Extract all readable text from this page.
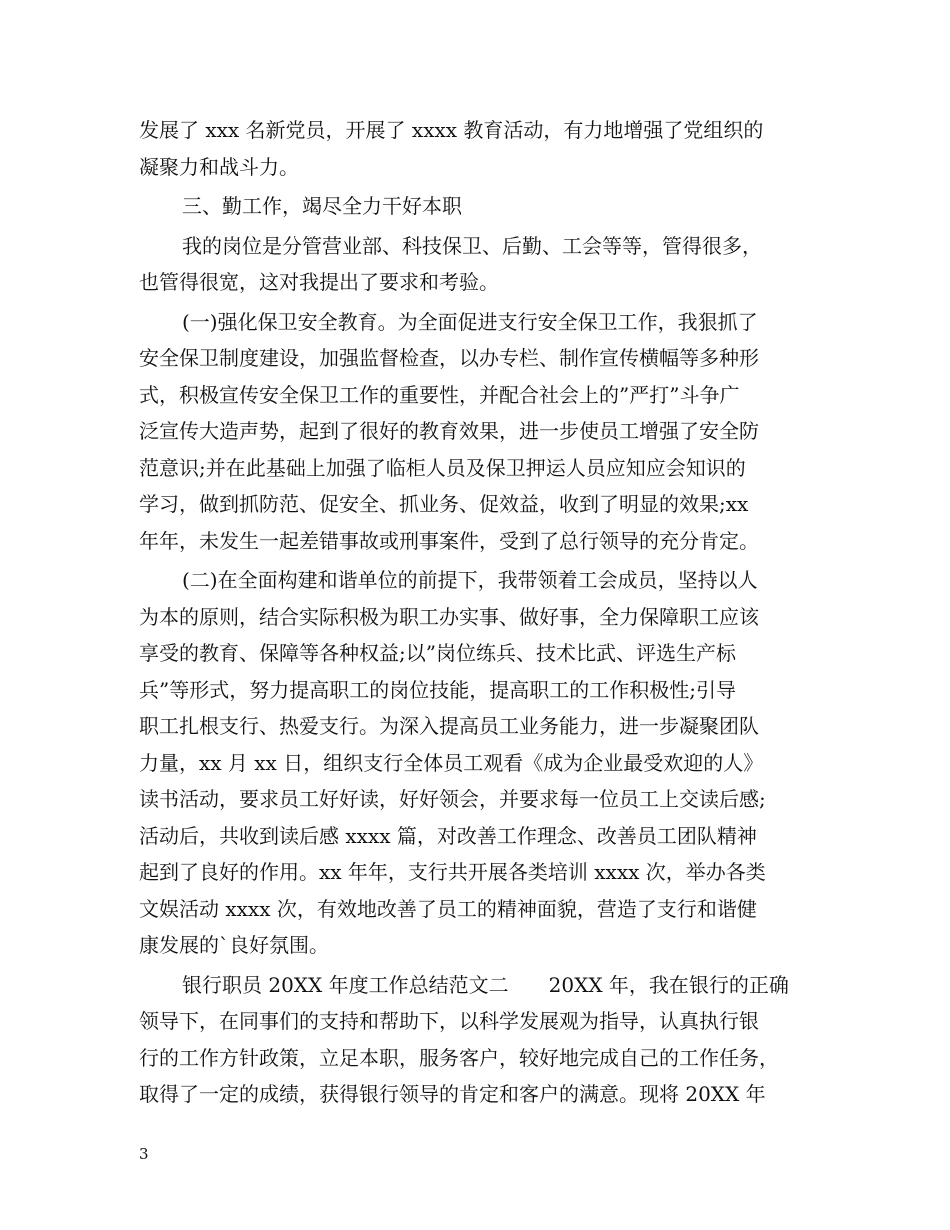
发展了 xxx 名新党员，开展了 xxxx 教育活动，有力地增强了党组织的
凝聚力和战斗力。
三、勤工作，竭尽全力干好本职
我的岗位是分管营业部、科技保卫、后勤、工会等等，管得很多，
也管得很宽，这对我提出了要求和考验。
(一)强化保卫安全教育。为全面促进支行安全保卫工作，我狠抓了
安全保卫制度建设，加强监督检查，以办专栏、制作宣传横幅等多种形
式，积极宣传安全保卫工作的重要性，并配合社会上的”严打”斗争广
泛宣传大造声势，起到了很好的教育效果，进一步使员工增强了安全防
范意识;并在此基础上加强了临柜人员及保卫押运人员应知应会知识的
学习，做到抓防范、促安全、抓业务、促效益，收到了明显的效果;xx
年年，未发生一起差错事故或刑事案件，受到了总行领导的充分肯定。
(二)在全面构建和谐单位的前提下，我带领着工会成员，坚持以人
为本的原则，结合实际积极为职工办实事、做好事，全力保障职工应该
享受的教育、保障等各种权益;以”岗位练兵、技术比武、评选生产标
兵”等形式，努力提高职工的岗位技能，提高职工的工作积极性;引导
职工扎根支行、热爱支行。为深入提高员工业务能力，进一步凝聚团队
力量，xx 月 xx 日，组织支行全体员工观看《成为企业最受欢迎的人》
读书活动，要求员工好好读，好好领会，并要求每一位员工上交读后感;
活动后，共收到读后感 xxxx 篇，对改善工作理念、改善员工团队精神
起到了良好的作用。xx 年年，支行共开展各类培训 xxxx 次，举办各类
文娱活动 xxxx 次，有效地改善了员工的精神面貌，营造了支行和谐健
康发展的`良好氛围。
银行职员 20XX 年度工作总结范文二　　20XX 年，我在银行的正确
领导下，在同事们的支持和帮助下，以科学发展观为指导，认真执行银
行的工作方针政策，立足本职，服务客户，较好地完成自己的工作任务，
取得了一定的成绩，获得银行领导的肯定和客户的满意。现将 20XX 年
3
